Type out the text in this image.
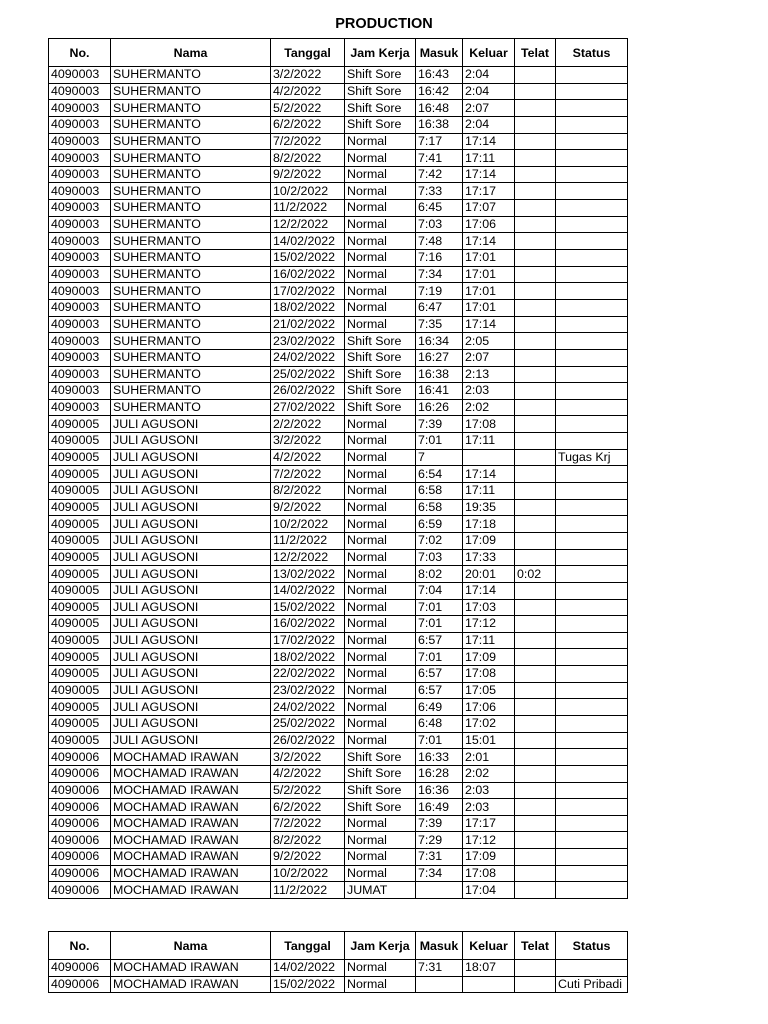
PRODUCTION
No.	Nama	Tanggal	Jam Kerja	Masuk	Keluar	Telat	Status
4090003	SUHERMANTO	3/2/2022	Shift Sore	16:43	2:04		
4090003	SUHERMANTO	4/2/2022	Shift Sore	16:42	2:04		
4090003	SUHERMANTO	5/2/2022	Shift Sore	16:48	2:07		
4090003	SUHERMANTO	6/2/2022	Shift Sore	16:38	2:04		
4090003	SUHERMANTO	7/2/2022	Normal	7:17	17:14		
4090003	SUHERMANTO	8/2/2022	Normal	7:41	17:11		
4090003	SUHERMANTO	9/2/2022	Normal	7:42	17:14		
4090003	SUHERMANTO	10/2/2022	Normal	7:33	17:17		
4090003	SUHERMANTO	11/2/2022	Normal	6:45	17:07		
4090003	SUHERMANTO	12/2/2022	Normal	7:03	17:06		
4090003	SUHERMANTO	14/02/2022	Normal	7:48	17:14		
4090003	SUHERMANTO	15/02/2022	Normal	7:16	17:01		
4090003	SUHERMANTO	16/02/2022	Normal	7:34	17:01		
4090003	SUHERMANTO	17/02/2022	Normal	7:19	17:01		
4090003	SUHERMANTO	18/02/2022	Normal	6:47	17:01		
4090003	SUHERMANTO	21/02/2022	Normal	7:35	17:14		
4090003	SUHERMANTO	23/02/2022	Shift Sore	16:34	2:05		
4090003	SUHERMANTO	24/02/2022	Shift Sore	16:27	2:07		
4090003	SUHERMANTO	25/02/2022	Shift Sore	16:38	2:13		
4090003	SUHERMANTO	26/02/2022	Shift Sore	16:41	2:03		
4090003	SUHERMANTO	27/02/2022	Shift Sore	16:26	2:02		
4090005	JULI AGUSONI	2/2/2022	Normal	7:39	17:08		
4090005	JULI AGUSONI	3/2/2022	Normal	7:01	17:11		
4090005	JULI AGUSONI	4/2/2022	Normal	7			Tugas Krj
4090005	JULI AGUSONI	7/2/2022	Normal	6:54	17:14		
4090005	JULI AGUSONI	8/2/2022	Normal	6:58	17:11		
4090005	JULI AGUSONI	9/2/2022	Normal	6:58	19:35		
4090005	JULI AGUSONI	10/2/2022	Normal	6:59	17:18		
4090005	JULI AGUSONI	11/2/2022	Normal	7:02	17:09		
4090005	JULI AGUSONI	12/2/2022	Normal	7:03	17:33		
4090005	JULI AGUSONI	13/02/2022	Normal	8:02	20:01	0:02	
4090005	JULI AGUSONI	14/02/2022	Normal	7:04	17:14		
4090005	JULI AGUSONI	15/02/2022	Normal	7:01	17:03		
4090005	JULI AGUSONI	16/02/2022	Normal	7:01	17:12		
4090005	JULI AGUSONI	17/02/2022	Normal	6:57	17:11		
4090005	JULI AGUSONI	18/02/2022	Normal	7:01	17:09		
4090005	JULI AGUSONI	22/02/2022	Normal	6:57	17:08		
4090005	JULI AGUSONI	23/02/2022	Normal	6:57	17:05		
4090005	JULI AGUSONI	24/02/2022	Normal	6:49	17:06		
4090005	JULI AGUSONI	25/02/2022	Normal	6:48	17:02		
4090005	JULI AGUSONI	26/02/2022	Normal	7:01	15:01		
4090006	MOCHAMAD IRAWAN	3/2/2022	Shift Sore	16:33	2:01		
4090006	MOCHAMAD IRAWAN	4/2/2022	Shift Sore	16:28	2:02		
4090006	MOCHAMAD IRAWAN	5/2/2022	Shift Sore	16:36	2:03		
4090006	MOCHAMAD IRAWAN	6/2/2022	Shift Sore	16:49	2:03		
4090006	MOCHAMAD IRAWAN	7/2/2022	Normal	7:39	17:17		
4090006	MOCHAMAD IRAWAN	8/2/2022	Normal	7:29	17:12		
4090006	MOCHAMAD IRAWAN	9/2/2022	Normal	7:31	17:09		
4090006	MOCHAMAD IRAWAN	10/2/2022	Normal	7:34	17:08		
4090006	MOCHAMAD IRAWAN	11/2/2022	JUMAT		17:04		
No.	Nama	Tanggal	Jam Kerja	Masuk	Keluar	Telat	Status
4090006	MOCHAMAD IRAWAN	14/02/2022	Normal	7:31	18:07		
4090006	MOCHAMAD IRAWAN	15/02/2022	Normal				Cuti Pribadi
